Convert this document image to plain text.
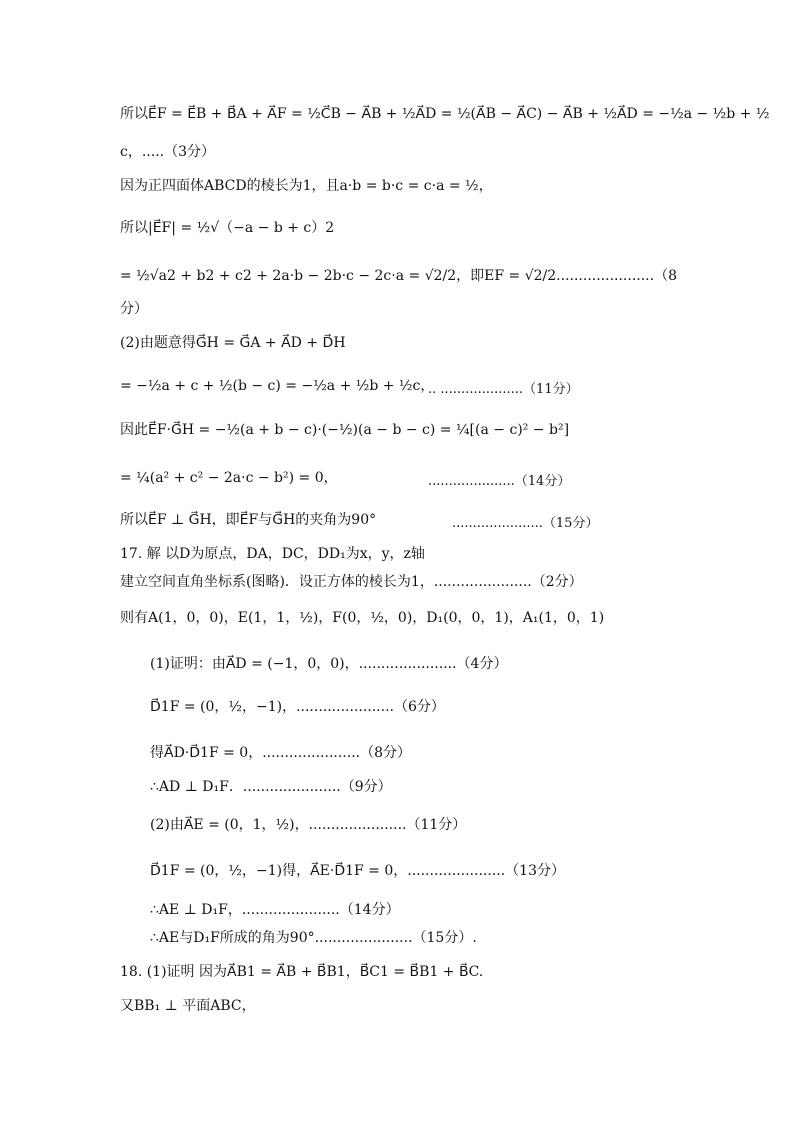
所以E⃗F = E⃗B + B⃗A + A⃗F = ½C⃗B − A⃗B + ½A⃗D = ½(A⃗B − A⃗C) − A⃗B + ½A⃗D = −½a − ½b + ½
c，.....（3分）
因为正四面体ABCD的棱长为1，且a·b = b·c = c·a = ½，
所以|E⃗F| = ½√（−a − b + c）2
= ½√a2 + b2 + c2 + 2a·b − 2b·c − 2c·a = √2/2，即EF = √2/2......................（8
分）
(2)由题意得G⃗H = G⃗A + A⃗D + D⃗H
= −½a + c + ½(b − c) = −½a + ½b + ½c，
.. ....................（11分）
因此E⃗F·G⃗H = −½(a + b − c)·(−½)(a − b − c) = ¼[(a − c)² − b²]
= ¼(a² + c² − 2a·c − b²) = 0，	.....................（14分）
所以E⃗F ⊥ G⃗H，即E⃗F与G⃗H的夹角为90°	......................（15分）
17. 解 以D为原点，DA，DC，DD₁为x，y，z轴
建立空间直角坐标系(图略)．设正方体的棱长为1，......................（2分）
则有A(1，0，0)，E(1，1，½)，F(0，½，0)，D₁(0，0，1)，A₁(1，0，1)
(1)证明：由A⃗D = (−1，0，0)，......................（4分）
D⃗1F = (0，½，−1)，......................（6分）
得A⃗D·D⃗1F = 0，......................（8分）
∴AD ⊥ D₁F．......................（9分）
(2)由A⃗E = (0，1，½)，......................（11分）
D⃗1F = (0，½，−1)得，A⃗E·D⃗1F = 0，......................（13分）
∴AE ⊥ D₁F，......................（14分）
∴AE与D₁F所成的角为90°......................（15分）.
18. (1)证明 因为A⃗B1 = A⃗B + B⃗B1，B⃗C1 = B⃗B1 + B⃗C.
又BB₁ ⊥ 平面ABC，
